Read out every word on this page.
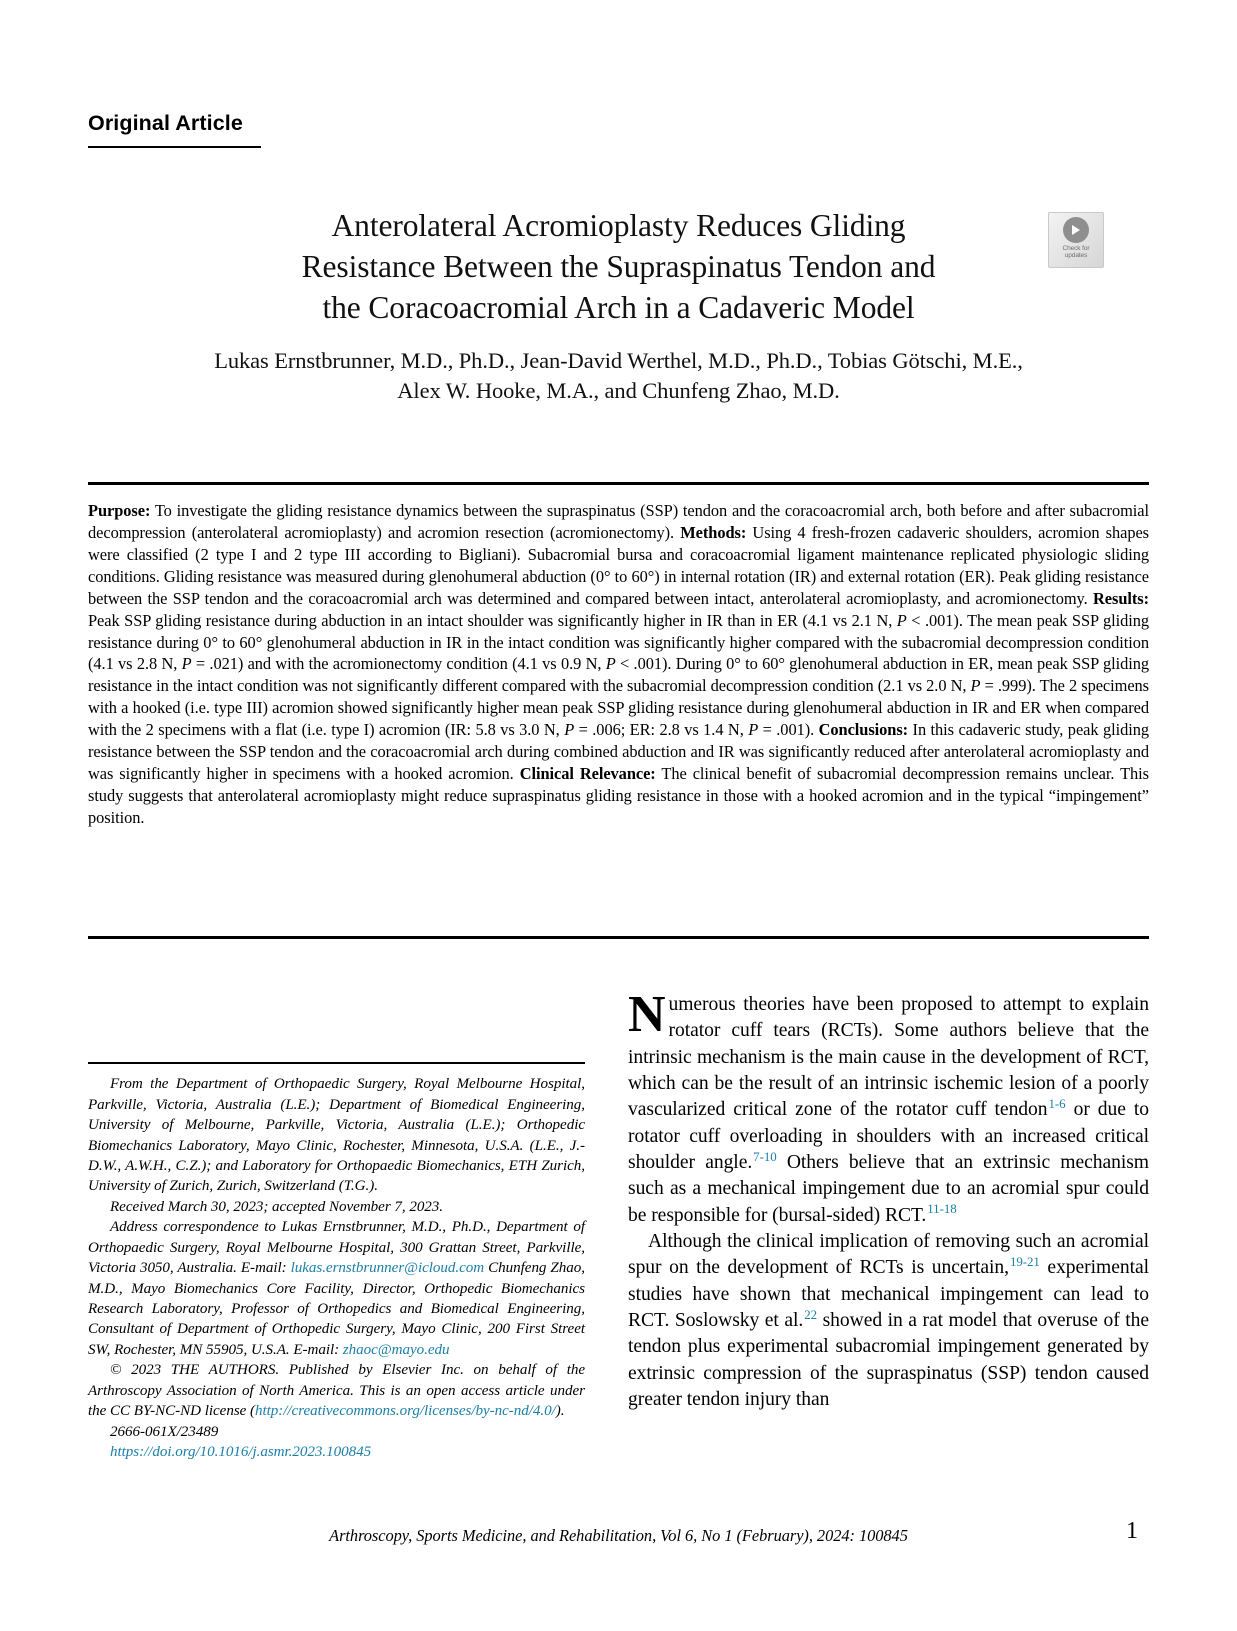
Original Article
Check for
updates
Anterolateral Acromioplasty Reduces Gliding
Resistance Between the Supraspinatus Tendon and
the Coracoacromial Arch in a Cadaveric Model
Lukas Ernstbrunner, M.D., Ph.D., Jean-David Werthel, M.D., Ph.D., Tobias Götschi, M.E.,
Alex W. Hooke, M.A., and Chunfeng Zhao, M.D.
Purpose: To investigate the gliding resistance dynamics between the supraspinatus (SSP) tendon and the coracoacromial arch, both before and after subacromial decompression (anterolateral acromioplasty) and acromion resection (acromionectomy). Methods: Using 4 fresh-frozen cadaveric shoulders, acromion shapes were classified (2 type I and 2 type III according to Bigliani). Subacromial bursa and coracoacromial ligament maintenance replicated physiologic sliding conditions. Gliding resistance was measured during glenohumeral abduction (0° to 60°) in internal rotation (IR) and external rotation (ER). Peak gliding resistance between the SSP tendon and the coracoacromial arch was determined and compared between intact, anterolateral acromioplasty, and acromionectomy. Results: Peak SSP gliding resistance during abduction in an intact shoulder was significantly higher in IR than in ER (4.1 vs 2.1 N, P < .001). The mean peak SSP gliding resistance during 0° to 60° glenohumeral abduction in IR in the intact condition was significantly higher compared with the subacromial decompression condition (4.1 vs 2.8 N, P = .021) and with the acromionectomy condition (4.1 vs 0.9 N, P < .001). During 0° to 60° glenohumeral abduction in ER, mean peak SSP gliding resistance in the intact condition was not significantly different compared with the subacromial decompression condition (2.1 vs 2.0 N, P = .999). The 2 specimens with a hooked (i.e. type III) acromion showed significantly higher mean peak SSP gliding resistance during glenohumeral abduction in IR and ER when compared with the 2 specimens with a flat (i.e. type I) acromion (IR: 5.8 vs 3.0 N, P = .006; ER: 2.8 vs 1.4 N, P = .001). Conclusions: In this cadaveric study, peak gliding resistance between the SSP tendon and the coracoacromial arch during combined abduction and IR was significantly reduced after anterolateral acromioplasty and was significantly higher in specimens with a hooked acromion. Clinical Relevance: The clinical benefit of subacromial decompression remains unclear. This study suggests that anterolateral acromioplasty might reduce supraspinatus gliding resistance in those with a hooked acromion and in the typical “impingement” position.

From the Department of Orthopaedic Surgery, Royal Melbourne Hospital, Parkville, Victoria, Australia (L.E.); Department of Biomedical Engineering, University of Melbourne, Parkville, Victoria, Australia (L.E.); Orthopedic Biomechanics Laboratory, Mayo Clinic, Rochester, Minnesota, U.S.A. (L.E., J.-D.W., A.W.H., C.Z.); and Laboratory for Orthopaedic Biomechanics, ETH Zurich, University of Zurich, Zurich, Switzerland (T.G.).

Received March 30, 2023; accepted November 7, 2023.

Address correspondence to Lukas Ernstbrunner, M.D., Ph.D., Department of Orthopaedic Surgery, Royal Melbourne Hospital, 300 Grattan Street, Parkville, Victoria 3050, Australia. E-mail: lukas.ernstbrunner@icloud.com Chunfeng Zhao, M.D., Mayo Biomechanics Core Facility, Director, Orthopedic Biomechanics Research Laboratory, Professor of Orthopedics and Biomedical Engineering, Consultant of Department of Orthopedic Surgery, Mayo Clinic, 200 First Street SW, Rochester, MN 55905, U.S.A. E-mail: zhaoc@mayo.edu

© 2023 THE AUTHORS. Published by Elsevier Inc. on behalf of the Arthroscopy Association of North America. This is an open access article under the CC BY-NC-ND license (http://creativecommons.org/licenses/by-nc-nd/4.0/).

2666-061X/23489
https://doi.org/10.1016/j.asmr.2023.100845

Numerous theories have been proposed to attempt to explain rotator cuff tears (RCTs). Some authors believe that the intrinsic mechanism is the main cause in the development of RCT, which can be the result of an intrinsic ischemic lesion of a poorly vascularized critical zone of the rotator cuff tendon$^{1-6}$ or due to rotator cuff overloading in shoulders with an increased critical shoulder angle.$^{7-10}$ Others believe that an extrinsic mechanism such as a mechanical impingement due to an acromial spur could be responsible for (bursal-sided) RCT.$^{11-18}$

Although the clinical implication of removing such an acromial spur on the development of RCTs is uncertain,$^{19-21}$ experimental studies have shown that mechanical impingement can lead to RCT. Soslowsky et al.$^{22}$ showed in a rat model that overuse of the tendon plus experimental subacromial impingement generated by extrinsic compression of the supraspinatus (SSP) tendon caused greater tendon injury than

Arthroscopy, Sports Medicine, and Rehabilitation, Vol 6, No 1 (February), 2024: 100845	1
